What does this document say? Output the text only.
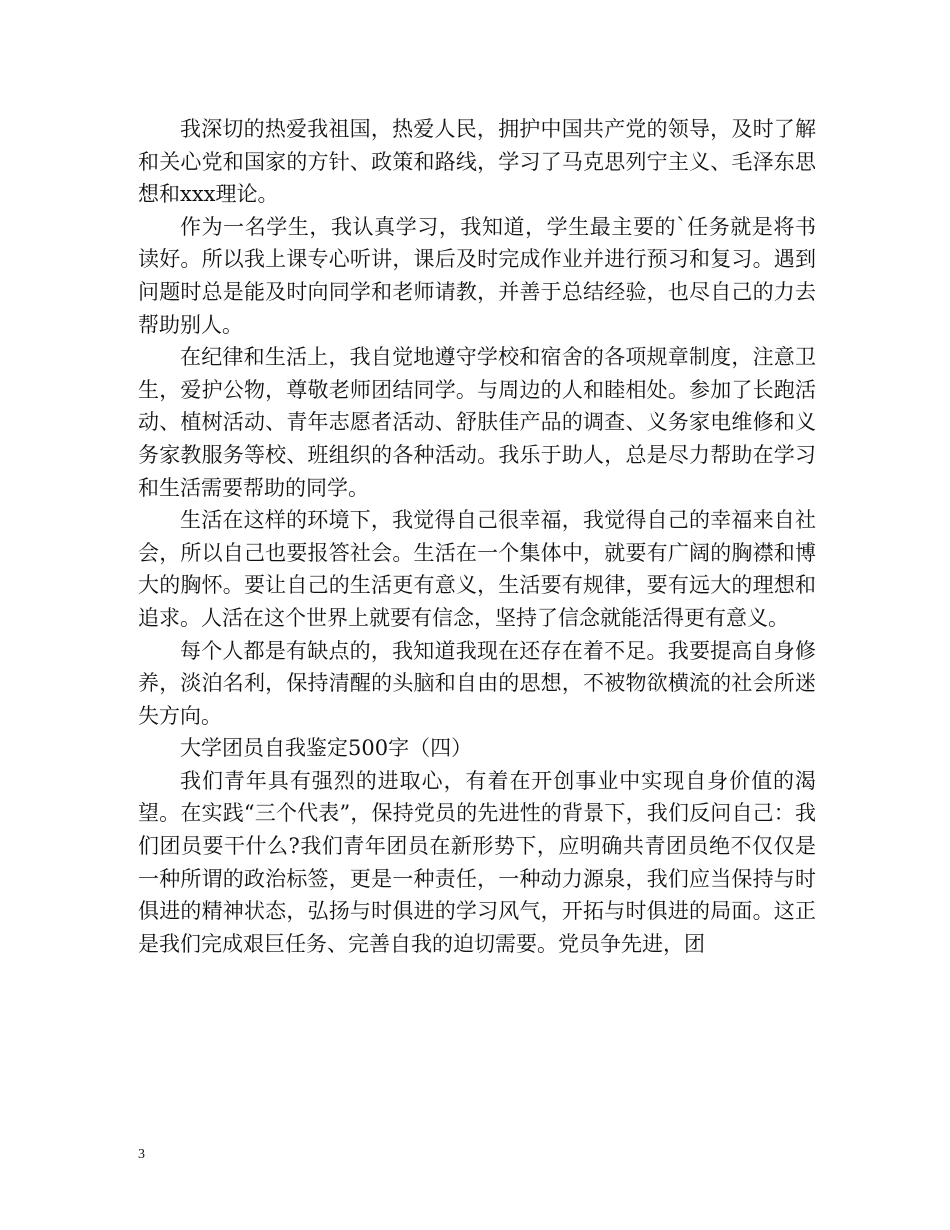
我深切的热爱我祖国，热爱人民，拥护中国共产党的领导，及时了解和关心党和国家的方针、政策和路线，学习了马克思列宁主义、毛泽东思想和xxx理论。

作为一名学生，我认真学习，我知道，学生最主要的`任务就是将书读好。所以我上课专心听讲，课后及时完成作业并进行预习和复习。遇到问题时总是能及时向同学和老师请教，并善于总结经验，也尽自己的力去帮助别人。

在纪律和生活上，我自觉地遵守学校和宿舍的各项规章制度，注意卫生，爱护公物，尊敬老师团结同学。与周边的人和睦相处。参加了长跑活动、植树活动、青年志愿者活动、舒肤佳产品的调查、义务家电维修和义务家教服务等校、班组织的各种活动。我乐于助人，总是尽力帮助在学习和生活需要帮助的同学。

生活在这样的环境下，我觉得自己很幸福，我觉得自己的幸福来自社会，所以自己也要报答社会。生活在一个集体中，就要有广阔的胸襟和博大的胸怀。要让自己的生活更有意义，生活要有规律，要有远大的理想和追求。人活在这个世界上就要有信念，坚持了信念就能活得更有意义。

每个人都是有缺点的，我知道我现在还存在着不足。我要提高自身修养，淡泊名利，保持清醒的头脑和自由的思想，不被物欲横流的社会所迷失方向。

大学团员自我鉴定500字（四）

我们青年具有强烈的进取心，有着在开创事业中实现自身价值的渴望。在实践“三个代表”，保持党员的先进性的背景下，我们反问自己：我们团员要干什么?我们青年团员在新形势下，应明确共青团员绝不仅仅是一种所谓的政治标签，更是一种责任，一种动力源泉，我们应当保持与时俱进的精神状态，弘扬与时俱进的学习风气，开拓与时俱进的局面。这正是我们完成艰巨任务、完善自我的迫切需要。党员争先进，团

3
